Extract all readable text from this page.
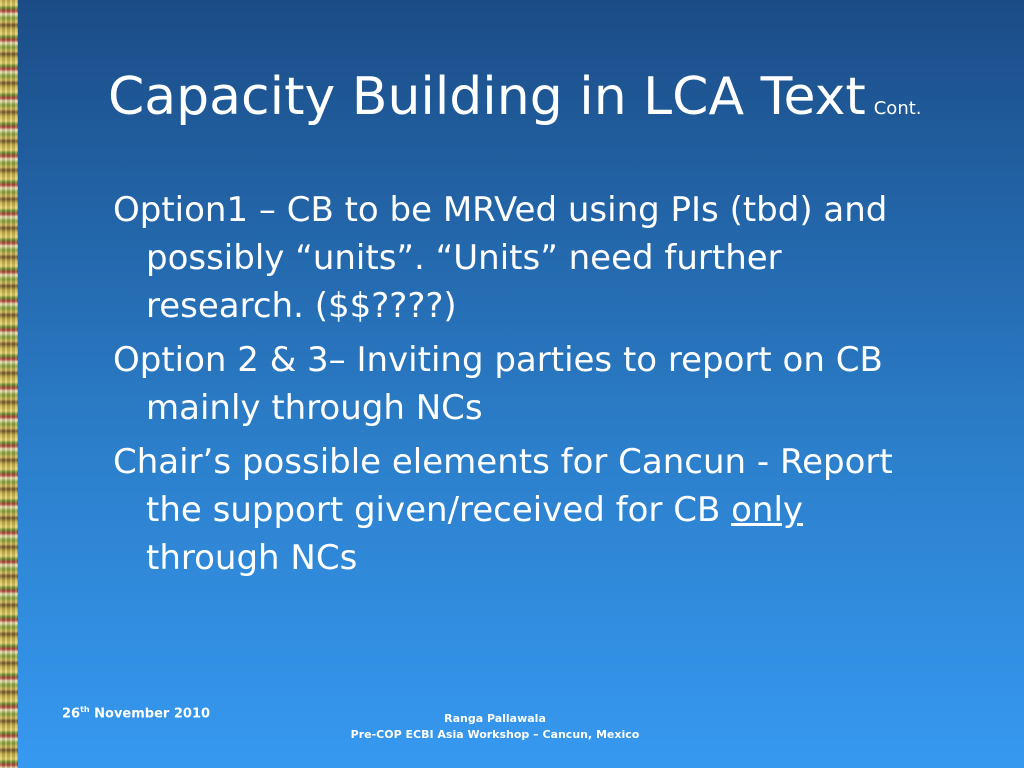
Capacity Building in LCA Text Cont.
Option1 – CB to be MRVed using PIs (tbd) and possibly “units”. “Units” need further research. ($$????)
Option 2 & 3– Inviting parties to report on CB mainly through NCs
Chair’s possible elements for Cancun - Report the support given/received for CB only through NCs
26th November 2010	Ranga Pallawala
Pre-COP ECBI Asia Workshop – Cancun, Mexico
